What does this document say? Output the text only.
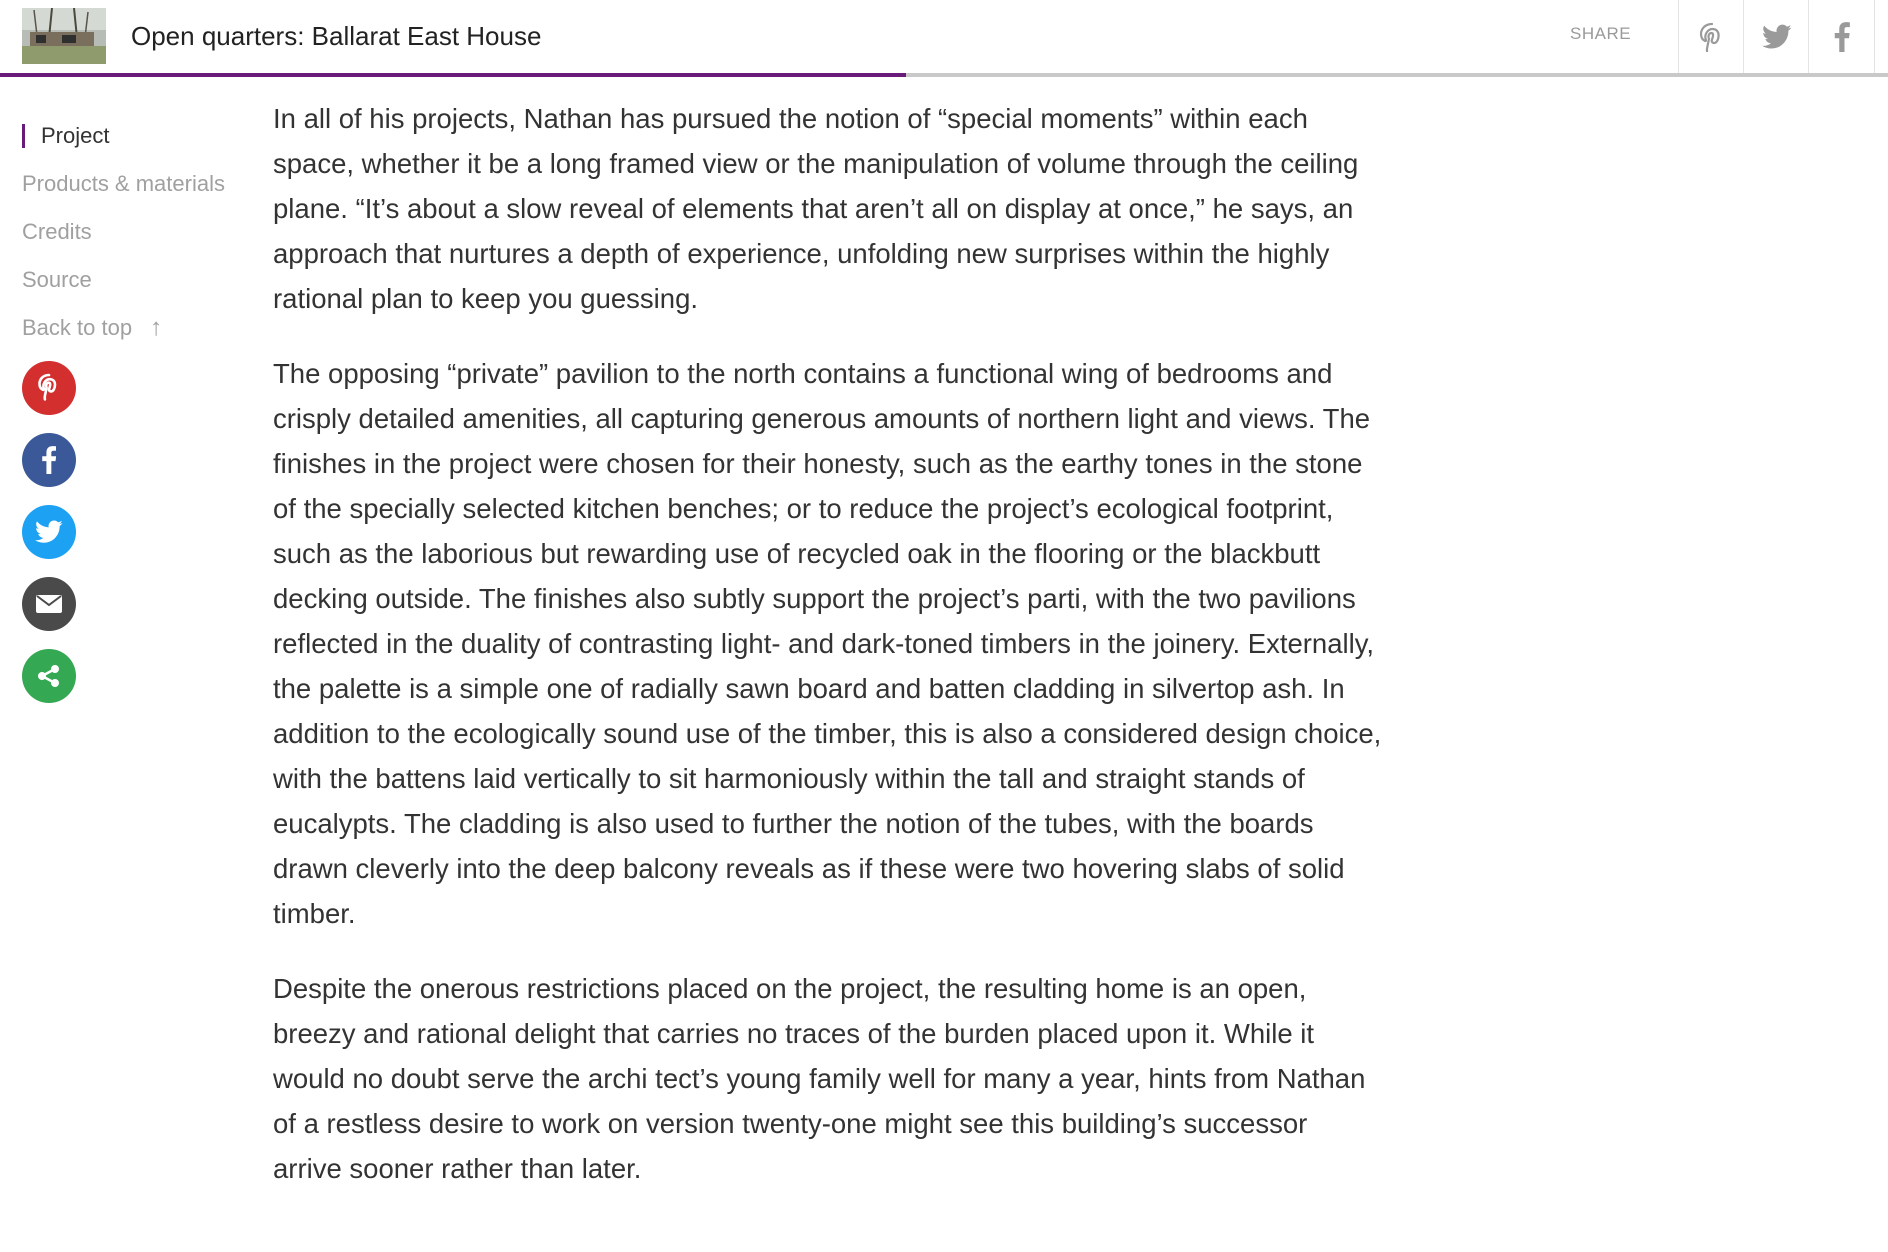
Open quarters: Ballarat East House	SHARE
Project
Products & materials
Credits
Source
Back to top ↑

In all of his projects, Nathan has pursued the notion of “special moments” within each space, whether it be a long framed view or the manipulation of volume through the ceiling plane. “It’s about a slow reveal of elements that aren’t all on display at once,” he says, an approach that nurtures a depth of experience, unfolding new surprises within the highly rational plan to keep you guessing.

The opposing “private” pavilion to the north contains a functional wing of bedrooms and crisply detailed amenities, all capturing generous amounts of northern light and views. The finishes in the project were chosen for their honesty, such as the earthy tones in the stone of the specially selected kitchen benches; or to reduce the project’s ecological footprint, such as the laborious but rewarding use of recycled oak in the flooring or the blackbutt decking outside. The finishes also subtly support the project’s parti, with the two pavilions reflected in the duality of contrasting light- and dark-toned timbers in the joinery. Externally, the palette is a simple one of radially sawn board and batten cladding in silvertop ash. In addition to the ecologically sound use of the timber, this is also a considered design choice, with the battens laid vertically to sit harmoniously within the tall and straight stands of eucalypts. The cladding is also used to further the notion of the tubes, with the boards drawn cleverly into the deep balcony reveals as if these were two hovering slabs of solid timber.

Despite the onerous restrictions placed on the project, the resulting home is an open, breezy and rational delight that carries no traces of the burden placed upon it. While it would no doubt serve the archi tect’s young family well for many a year, hints from Nathan of a restless desire to work on version twenty-one might see this building’s successor arrive sooner rather than later.
